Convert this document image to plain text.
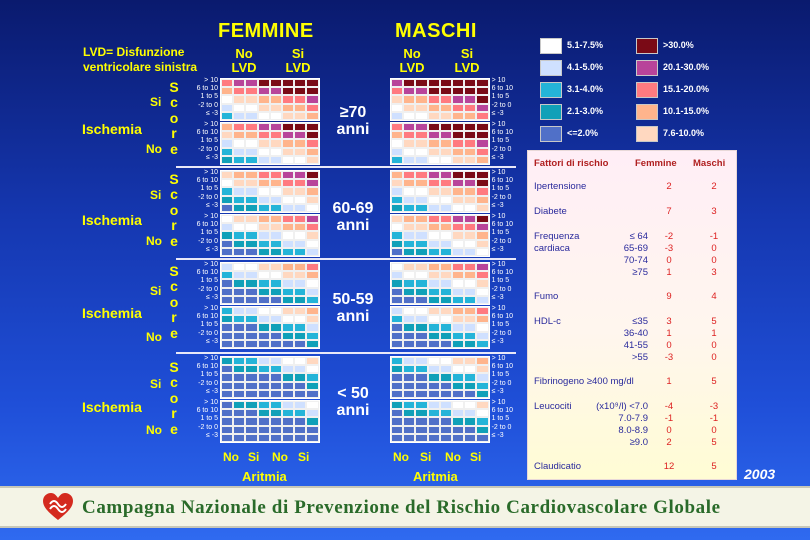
FEMMINE	MASCHI
LVD= Disfunzione
ventricolare sinistra
No
LVD
Si
LVD
No
LVD
Si
LVD
Si
Ischemia
No
S
c
o
r
e
Si
Ischemia
No
S
c
o
r
e
Si
Ischemia
No
S
c
o
r
e
Si
Ischemia
No
S
c
o
r
e
≥70
anni
60-69
anni
50-59
anni
< 50
anni
> 10
6 to 10
1 to 5
-2 to 0
≤ -3
> 10
6 to 10
1 to 5
-2 to 0
≤ -3
> 10
6 to 10
1 to 5
-2 to 0
≤ -3
> 10
6 to 10
1 to 5
-2 to 0
≤ -3
> 10
6 to 10
1 to 5
-2 to 0
≤ -3
> 10
6 to 10
1 to 5
-2 to 0
≤ -3
> 10
6 to 10
1 to 5
-2 to 0
≤ -3
> 10
6 to 10
1 to 5
-2 to 0
≤ -3
> 10
6 to 10
1 to 5
-2 to 0
≤ -3
> 10
6 to 10
1 to 5
-2 to 0
≤ -3
> 10
6 to 10
1 to 5
-2 to 0
≤ -3
> 10
6 to 10
1 to 5
-2 to 0
≤ -3
> 10
6 to 10
1 to 5
-2 to 0
≤ -3
> 10
6 to 10
1 to 5
-2 to 0
≤ -3
> 10
6 to 10
1 to 5
-2 to 0
≤ -3
> 10
6 to 10
1 to 5
-2 to 0
≤ -3
No Si No Si
Aritmia
No Si No Si
Aritmia
5.1-7.5%	>30.0%
4.1-5.0%	20.1-30.0%
3.1-4.0%	15.1-20.0%
2.1-3.0%	10.1-15.0%
<=2.0%	7.6-10.0%
Fattori di rischio	Femmine Maschi
Ipertensione	2	2
Diabete	7	3
Frequenza	≤ 64	-2	-1
cardiaca	65-69	-3	0
70-74	0	0
≥75	1	3
Fumo	9	4
HDL-c	≤35	3	5
36-40	1	1
41-55	0	0
>55	-3	0
Fibrinogeno ≥400 mg/dl	1	5
Leucociti	(x10⁹/l) <7.0	-4	-3
7.0-7.9	-1	-1
8.0-8.9	0	0
≥9.0	2	5
Claudicatio	12	5	2003
Campagna Nazionale di Prevenzione del Rischio Cardiovascolare Globale
